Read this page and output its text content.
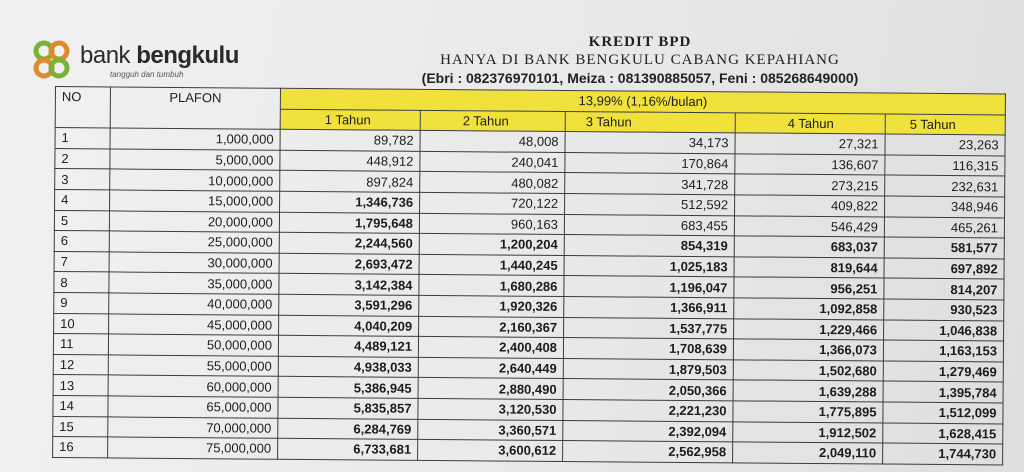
bank bengkulu
tangguh dan tumbuh
KREDIT BPD
HANYA DI BANK BENGKULU CABANG KEPAHIANG
(Ebri : 082376970101, Meiza : 081390885057, Feni : 085268649000)
NO	PLAFON	13,99% (1,16%/bulan)				
		1 Tahun	2 Tahun	3 Tahun	4 Tahun	5 Tahun
1	1,000,000	89,782	48,008	34,173	27,321	23,263
2	5,000,000	448,912	240,041	170,864	136,607	116,315
3	10,000,000	897,824	480,082	341,728	273,215	232,631
4	15,000,000	1,346,736	720,122	512,592	409,822	348,946
5	20,000,000	1,795,648	960,163	683,455	546,429	465,261
6	25,000,000	2,244,560	1,200,204	854,319	683,037	581,577
7	30,000,000	2,693,472	1,440,245	1,025,183	819,644	697,892
8	35,000,000	3,142,384	1,680,286	1,196,047	956,251	814,207
9	40,000,000	3,591,296	1,920,326	1,366,911	1,092,858	930,523
10	45,000,000	4,040,209	2,160,367	1,537,775	1,229,466	1,046,838
11	50,000,000	4,489,121	2,400,408	1,708,639	1,366,073	1,163,153
12	55,000,000	4,938,033	2,640,449	1,879,503	1,502,680	1,279,469
13	60,000,000	5,386,945	2,880,490	2,050,366	1,639,288	1,395,784
14	65,000,000	5,835,857	3,120,530	2,221,230	1,775,895	1,512,099
15	70,000,000	6,284,769	3,360,571	2,392,094	1,912,502	1,628,415
16	75,000,000	6,733,681	3,600,612	2,562,958	2,049,110	1,744,730
